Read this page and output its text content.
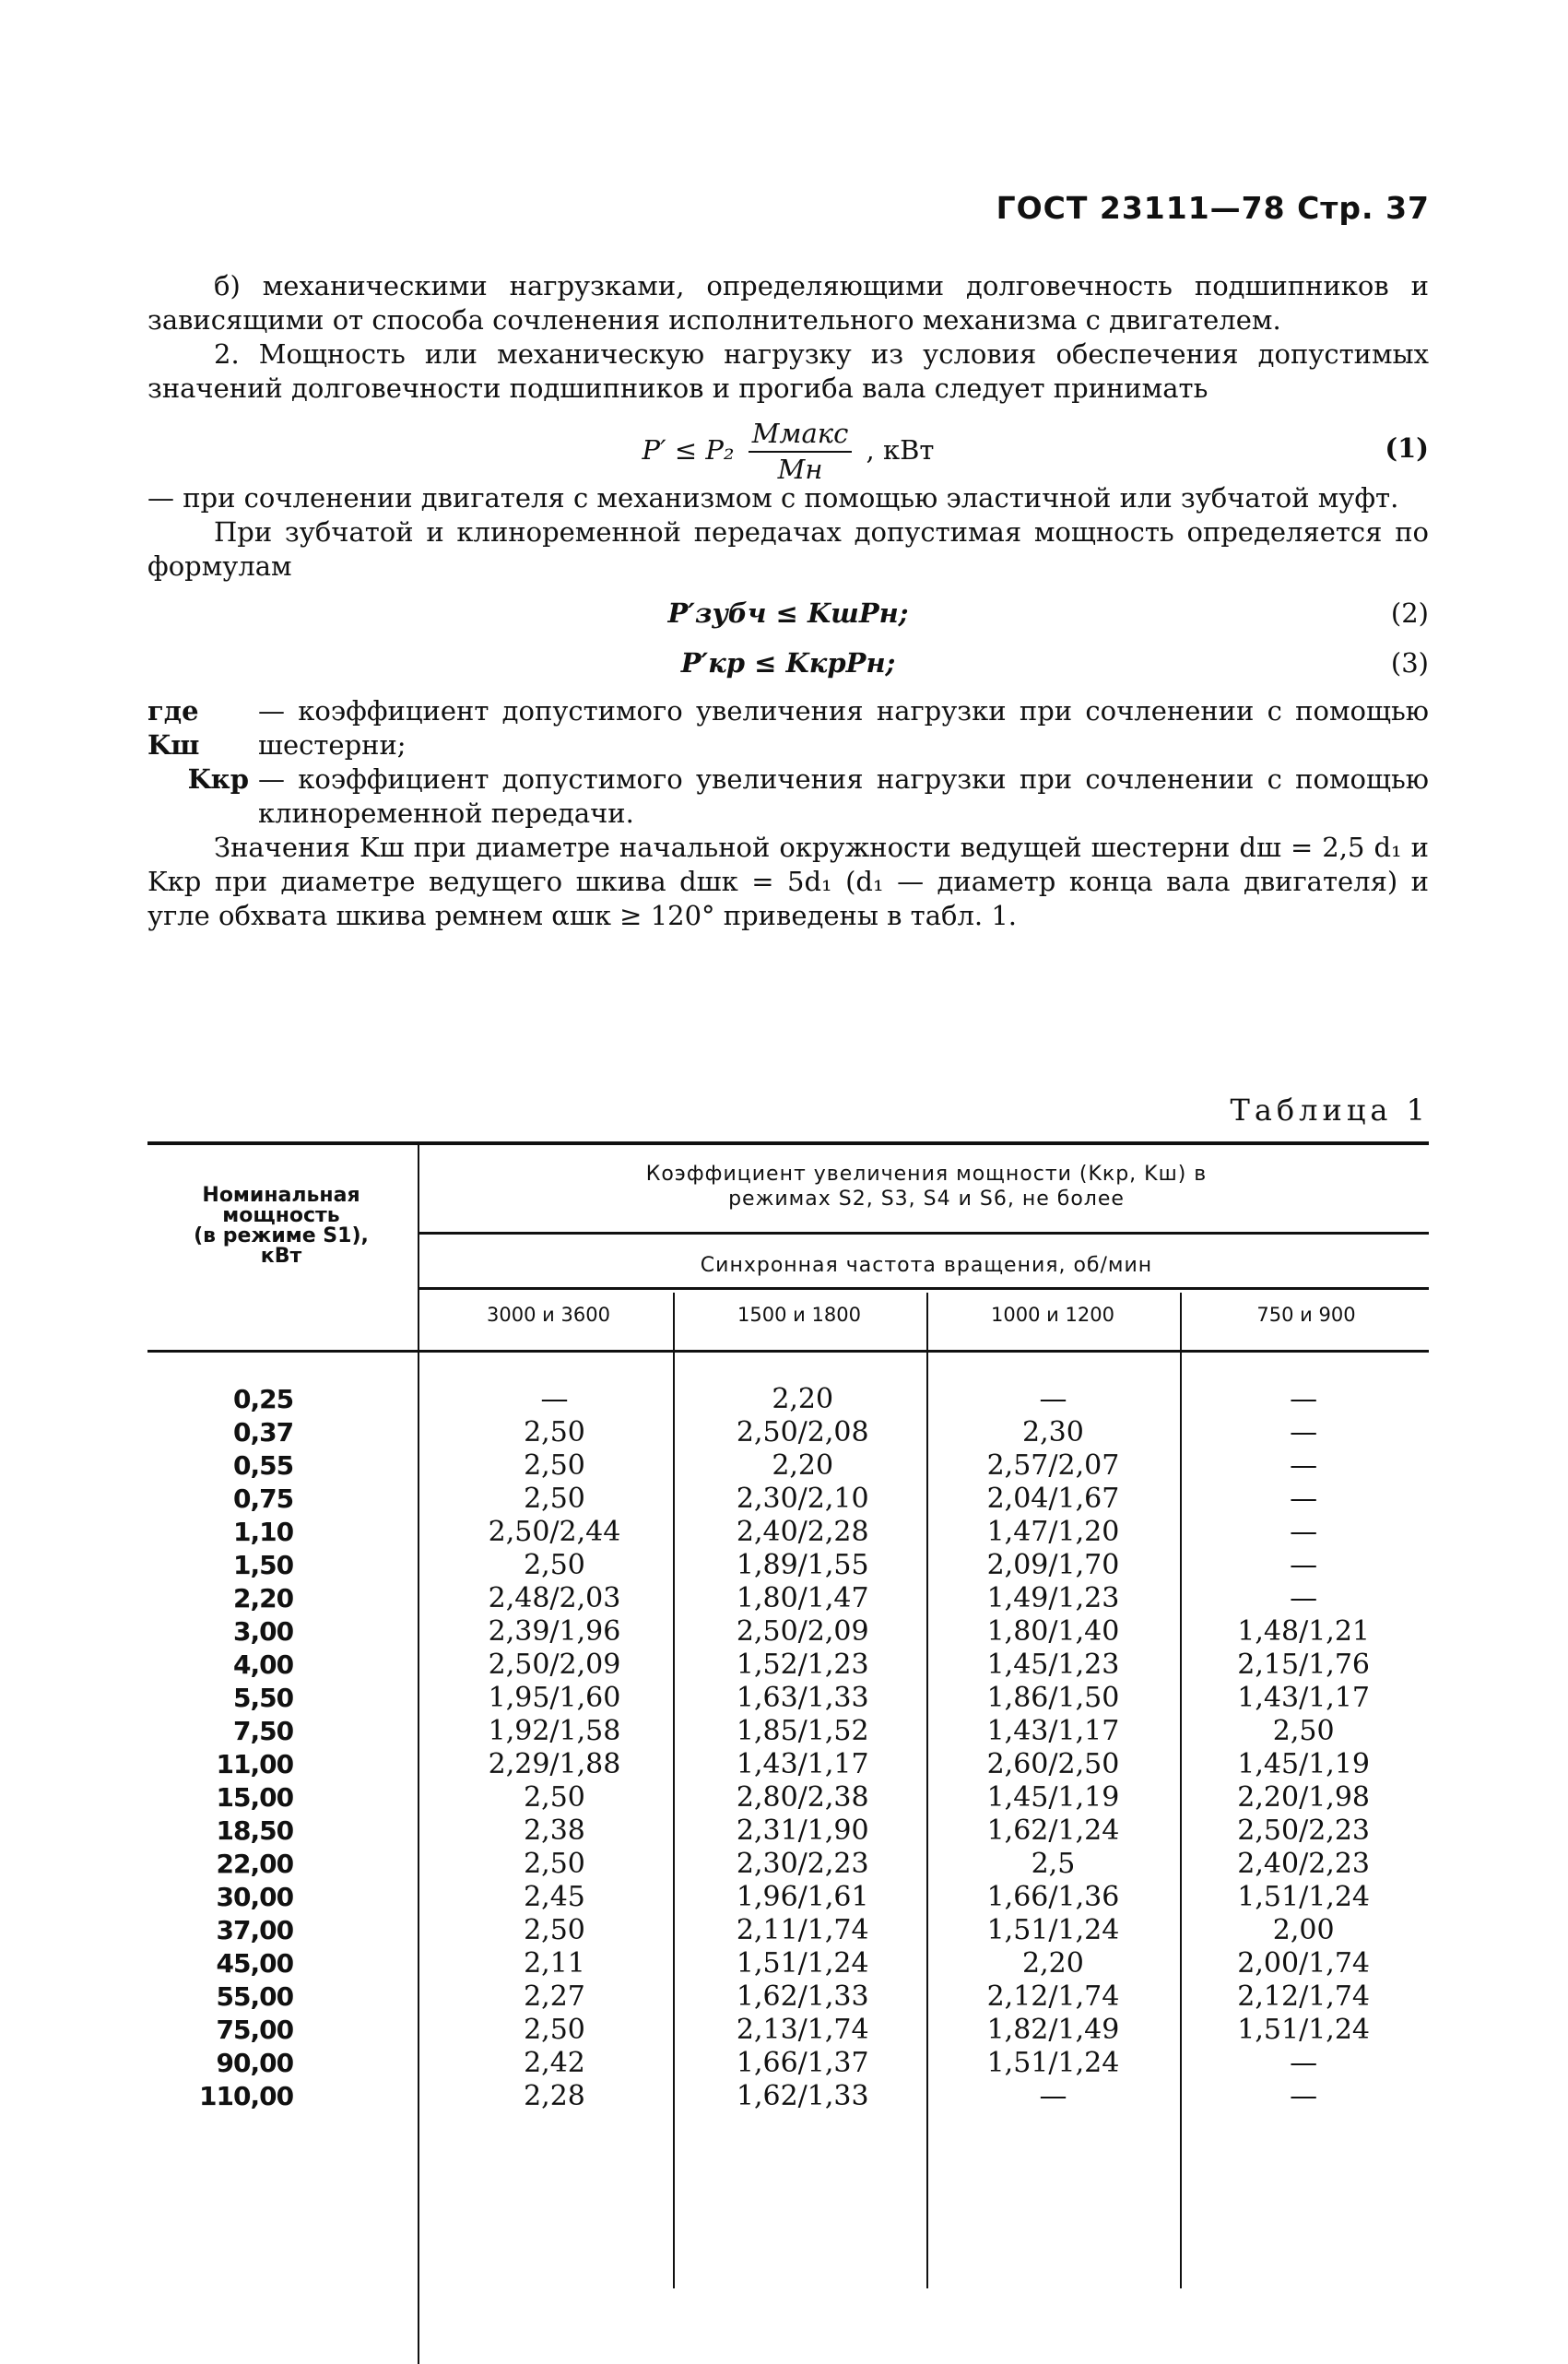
ГОСТ 23111—78 Стр. 37

б) механическими нагрузками, определяющими долговечность подшипников и зависящими от способа сочленения исполнительного механизма с двигателем.

2. Мощность или механическую нагрузку из условия обеспечения допустимых значений долговечности подшипников и прогиба вала следует принимать

$P' \le P_2 \frac{\text{Mмакс}}{Mн}$ , кВт	(1)

— при сочленении двигателя с механизмом с помощью эластичной или зубчатой муфт.

При зубчатой и клиноременной передачах допустимая мощность определяется по формулам

P′зубч ≤ KшPн;	(2)
P′кр ≤ KкрPн;	(3)
где Kш
— коэффициент допустимого увеличения нагрузки при сочленении с помощью шестерни;
Kкр — коэффициент допустимого увеличения нагрузки при сочленении с помощью клиноременной передачи.

Значения Kш при диаметре начальной окружности ведущей шестерни dш = 2,5 d₁ и Kкр при диаметре ведущего шкива dшк = 5d₁ (d₁ — диаметр конца вала двигателя) и угле обхвата шкива ремнем αшк ≥ 120° приведены в табл. 1.

Таблица 1
Номинальная
мощность
(в режиме S1),
кВт
Коэффициент увеличения мощности (Kкр, Kш) в
режимах S2, S3, S4 и S6, не более
Синхронная частота вращения, об/мин
3000 и 3600	1500 и 1800	1000 и 1200	750 и 900
0,25	—	2,20	—	—
0,37	2,50	2,50/2,08	2,30	—
0,55	2,50	2,20	2,57/2,07	—
0,75	2,50	2,30/2,10	2,04/1,67	—
1,10	2,50/2,44	2,40/2,28	1,47/1,20	—
1,50	2,50	1,89/1,55	2,09/1,70	—
2,20	2,48/2,03	1,80/1,47	1,49/1,23	—
3,00	2,39/1,96	2,50/2,09	1,80/1,40	1,48/1,21
4,00	2,50/2,09	1,52/1,23	1,45/1,23	2,15/1,76
5,50	1,95/1,60	1,63/1,33	1,86/1,50	1,43/1,17
7,50	1,92/1,58	1,85/1,52	1,43/1,17	2,50
11,00	2,29/1,88	1,43/1,17	2,60/2,50	1,45/1,19
15,00	2,50	2,80/2,38	1,45/1,19	2,20/1,98
18,50	2,38	2,31/1,90	1,62/1,24	2,50/2,23
22,00	2,50	2,30/2,23	2,5	2,40/2,23
30,00	2,45	1,96/1,61	1,66/1,36	1,51/1,24
37,00	2,50	2,11/1,74	1,51/1,24	2,00
45,00	2,11	1,51/1,24	2,20	2,00/1,74
55,00	2,27	1,62/1,33	2,12/1,74	2,12/1,74
75,00	2,50	2,13/1,74	1,82/1,49	1,51/1,24
90,00	2,42	1,66/1,37	1,51/1,24	—
110,00	2,28	1,62/1,33	—	—
